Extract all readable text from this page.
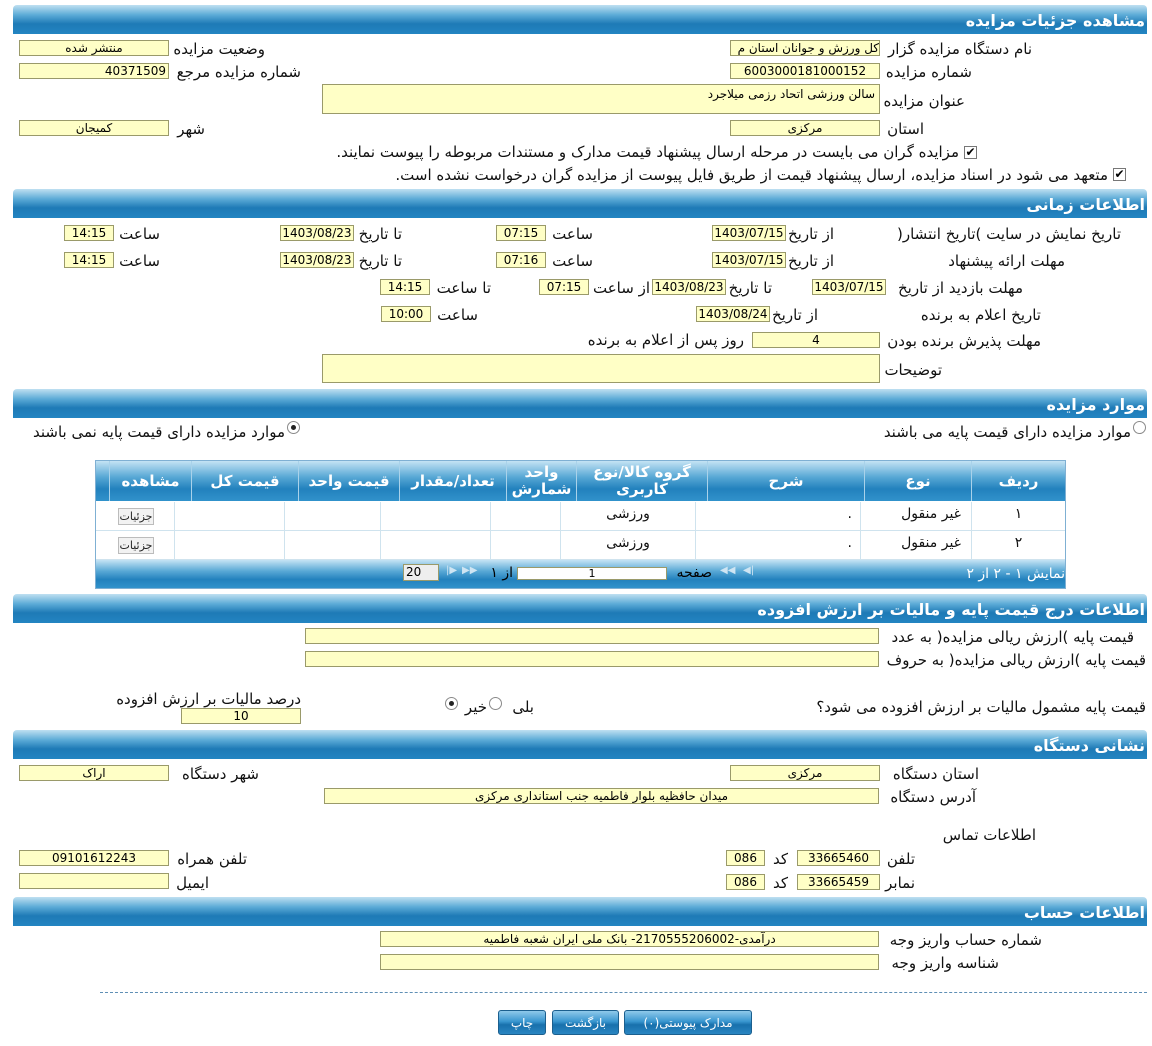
مشاهده جزئیات مزایده
نام دستگاه مزایده گزار
کل ورزش و جوانان استان م
وضعیت مزایده
منتشر شده
شماره مزایده
6003000181000152
شماره مزایده مرجع
40371509
عنوان مزایده
سالن ورزشی اتحاد رزمی میلاجرد
استان
مرکزی
شهر
کمیجان
✔
مزایده گران می بایست در مرحله ارسال پیشنهاد قیمت مدارک و مستندات مربوطه را پیوست نمایند.
✔
متعهد می شود در اسناد مزایده، ارسال پیشنهاد قیمت از طریق فایل پیوست از مزایده گران درخواست نشده است.
اطلاعات زمانی
تاریخ نمایش در سایت )تاریخ انتشار(
از تاریخ
1403/07/15
ساعت
07:15
تا تاریخ
1403/08/23
ساعت
14:15
مهلت ارائه پیشنهاد
از تاریخ
1403/07/15
ساعت
07:16
تا تاریخ
1403/08/23
ساعت
14:15
مهلت بازدید
از تاریخ
1403/07/15
تا تاریخ
1403/08/23
از ساعت
07:15
تا ساعت
14:15
تاریخ اعلام به برنده
از تاریخ
1403/08/24
ساعت
10:00
مهلت پذیرش برنده بودن
4
روز پس از اعلام به برنده
توضیحات
موارد مزایده
موارد مزایده دارای قیمت پایه می باشند
موارد مزایده دارای قیمت پایه نمی باشند
ردیف
نوع
شرح
گروه کالا/نوع کاربری
واحد شمارش
تعداد/مقدار
قیمت واحد
قیمت کل
مشاهده
۱
غیر منقول
.
ورزشی
جزئیات
۲
غیر منقول
.
ورزشی
جزئیات
نمایش ۱ - ۲ از ۲
|◀
◀◀
صفحه
1
از ۱
▶▶
▶|
20
اطلاعات درج قیمت پایه و مالیات بر ارزش افزوده
قیمت پایه )ارزش ریالی مزایده( به عدد
قیمت پایه )ارزش ریالی مزایده( به حروف
قیمت پایه مشمول مالیات بر ارزش افزوده می شود؟
بلی
خیر
درصد مالیات بر ارزش افزوده
10
نشانی دستگاه
استان دستگاه
مرکزی
شهر دستگاه
اراک
آدرس دستگاه
میدان حافظیه بلوار فاطمیه جنب استانداری مرکزی
اطلاعات تماس
تلفن
33665460
کد
086
تلفن همراه
09101612243
نمابر
33665459
کد
086
ایمیل
اطلاعات حساب
شماره حساب واریز وجه
درآمدی-2170555206002- بانک ملی ایران شعبه فاطمیه
شناسه واریز وجه
مدارک پیوستی(۰)
بازگشت
چاپ
